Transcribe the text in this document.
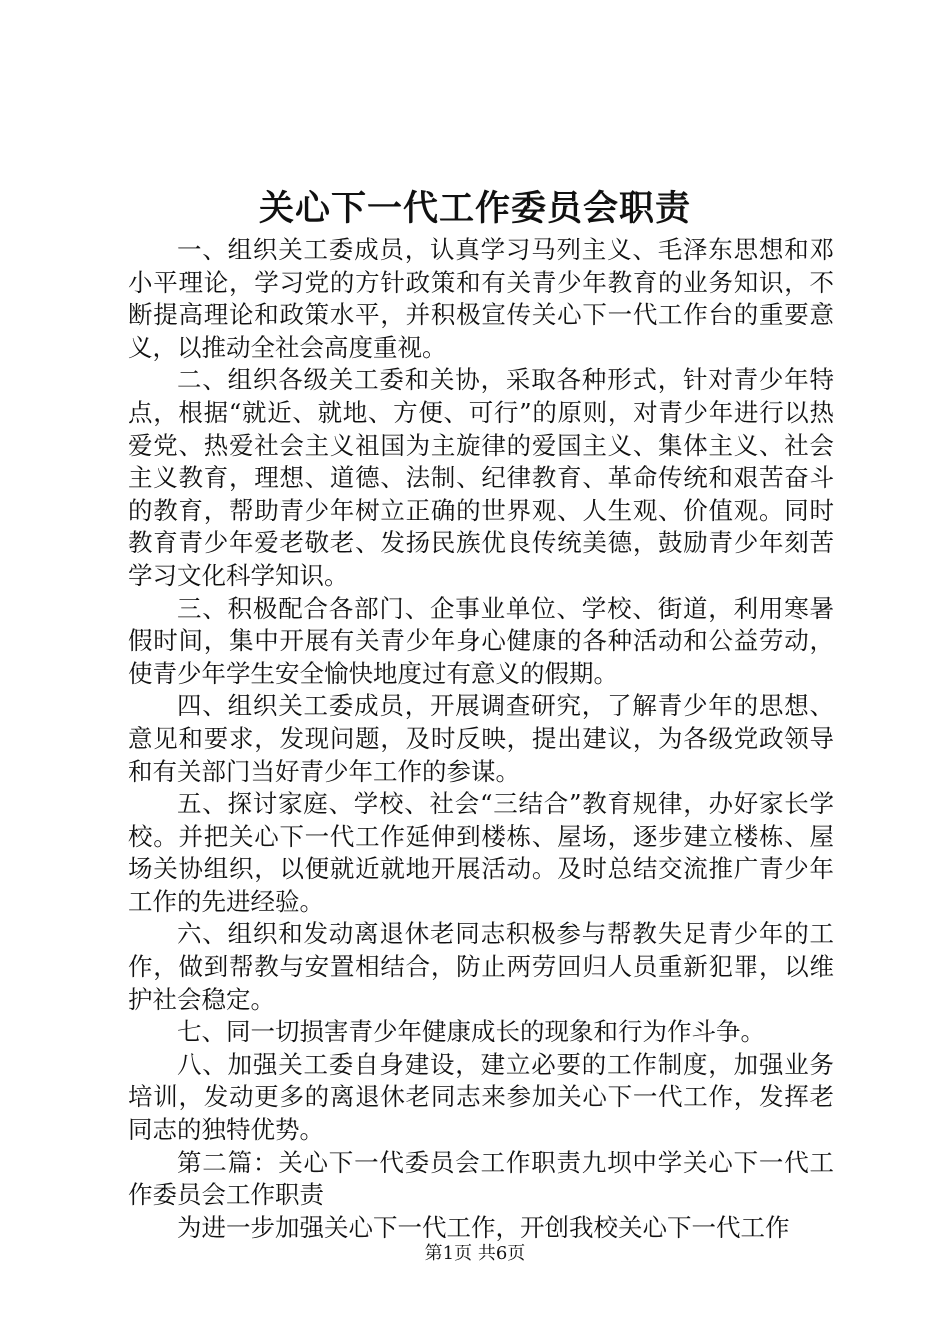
关心下一代工作委员会职责

一、组织关工委成员，认真学习马列主义、毛泽东思想和邓小平理论，学习党的方针政策和有关青少年教育的业务知识，不断提高理论和政策水平，并积极宣传关心下一代工作台的重要意义，以推动全社会高度重视。

二、组织各级关工委和关协，采取各种形式，针对青少年特点，根据“就近、就地、方便、可行”的原则，对青少年进行以热爱党、热爱社会主义祖国为主旋律的爱国主义、集体主义、社会主义教育，理想、道德、法制、纪律教育、革命传统和艰苦奋斗的教育，帮助青少年树立正确的世界观、人生观、价值观。同时教育青少年爱老敬老、发扬民族优良传统美德，鼓励青少年刻苦学习文化科学知识。

三、积极配合各部门、企事业单位、学校、街道，利用寒暑假时间，集中开展有关青少年身心健康的各种活动和公益劳动，使青少年学生安全愉快地度过有意义的假期。

四、组织关工委成员，开展调查研究，了解青少年的思想、意见和要求，发现问题，及时反映，提出建议，为各级党政领导和有关部门当好青少年工作的参谋。

五、探讨家庭、学校、社会“三结合”教育规律，办好家长学校。并把关心下一代工作延伸到楼栋、屋场，逐步建立楼栋、屋场关协组织，以便就近就地开展活动。及时总结交流推广青少年工作的先进经验。

六、组织和发动离退休老同志积极参与帮教失足青少年的工作，做到帮教与安置相结合，防止两劳回归人员重新犯罪，以维护社会稳定。

七、同一切损害青少年健康成长的现象和行为作斗争。

八、加强关工委自身建设，建立必要的工作制度，加强业务培训，发动更多的离退休老同志来参加关心下一代工作，发挥老同志的独特优势。

第二篇：关心下一代委员会工作职责九坝中学关心下一代工作委员会工作职责

为进一步加强关心下一代工作，开创我校关心下一代工作

第1页 共6页
